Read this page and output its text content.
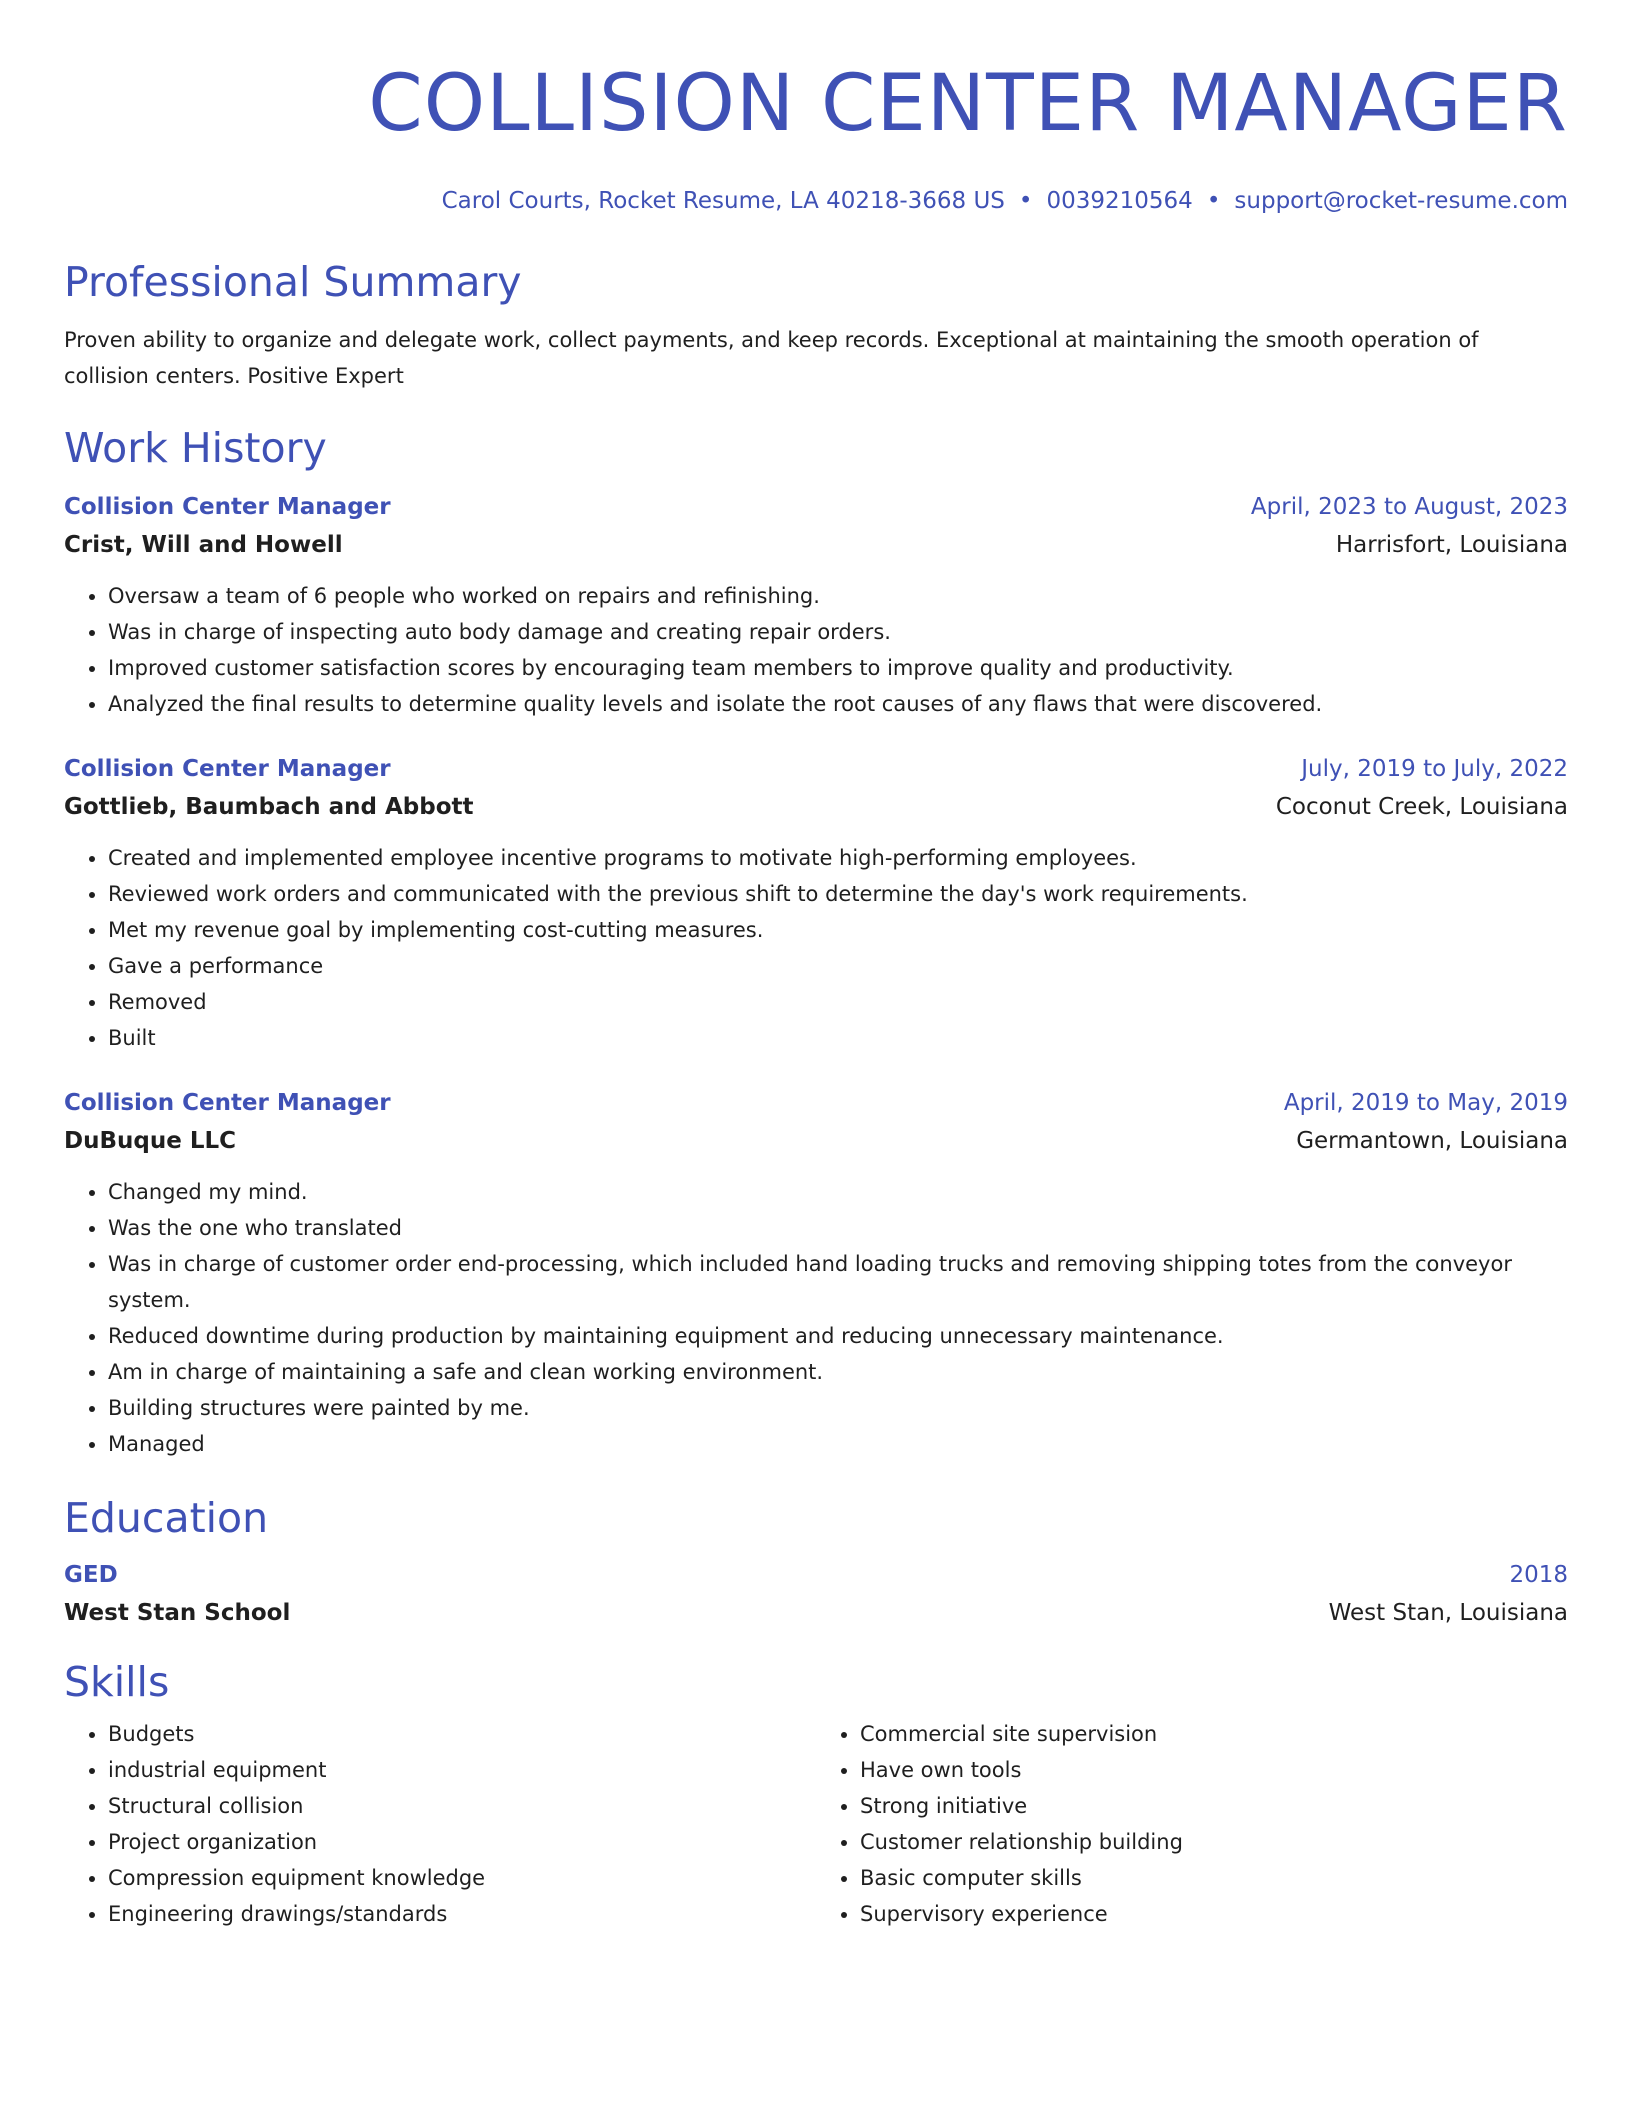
COLLISION CENTER MANAGER
Carol Courts, Rocket Resume, LA 40218-3668 US • 0039210564 • support@rocket-resume.com
Professional Summary
Proven ability to organize and delegate work, collect payments, and keep records. Exceptional at maintaining the smooth operation of collision centers. Positive Expert
Work History
Collision Center Manager	April, 2023 to August, 2023
Crist, Will and Howell	Harrisfort, Louisiana
• Oversaw a team of 6 people who worked on repairs and refinishing.
• Was in charge of inspecting auto body damage and creating repair orders.
• Improved customer satisfaction scores by encouraging team members to improve quality and productivity.
• Analyzed the final results to determine quality levels and isolate the root causes of any flaws that were discovered.
Collision Center Manager	July, 2019 to July, 2022
Gottlieb, Baumbach and Abbott	Coconut Creek, Louisiana
• Created and implemented employee incentive programs to motivate high-performing employees.
• Reviewed work orders and communicated with the previous shift to determine the day's work requirements.
• Met my revenue goal by implementing cost-cutting measures.
• Gave a performance
• Removed
• Built
Collision Center Manager	April, 2019 to May, 2019
DuBuque LLC	Germantown, Louisiana
• Changed my mind.
• Was the one who translated
• Was in charge of customer order end-processing, which included hand loading trucks and removing shipping totes from the conveyor system.
• Reduced downtime during production by maintaining equipment and reducing unnecessary maintenance.
• Am in charge of maintaining a safe and clean working environment.
• Building structures were painted by me.
• Managed
Education
GED	2018
West Stan School	West Stan, Louisiana
Skills
• Budgets
• industrial equipment
• Structural collision
• Project organization
• Compression equipment knowledge
• Engineering drawings/standards
• Commercial site supervision
• Have own tools
• Strong initiative
• Customer relationship building
• Basic computer skills
• Supervisory experience
